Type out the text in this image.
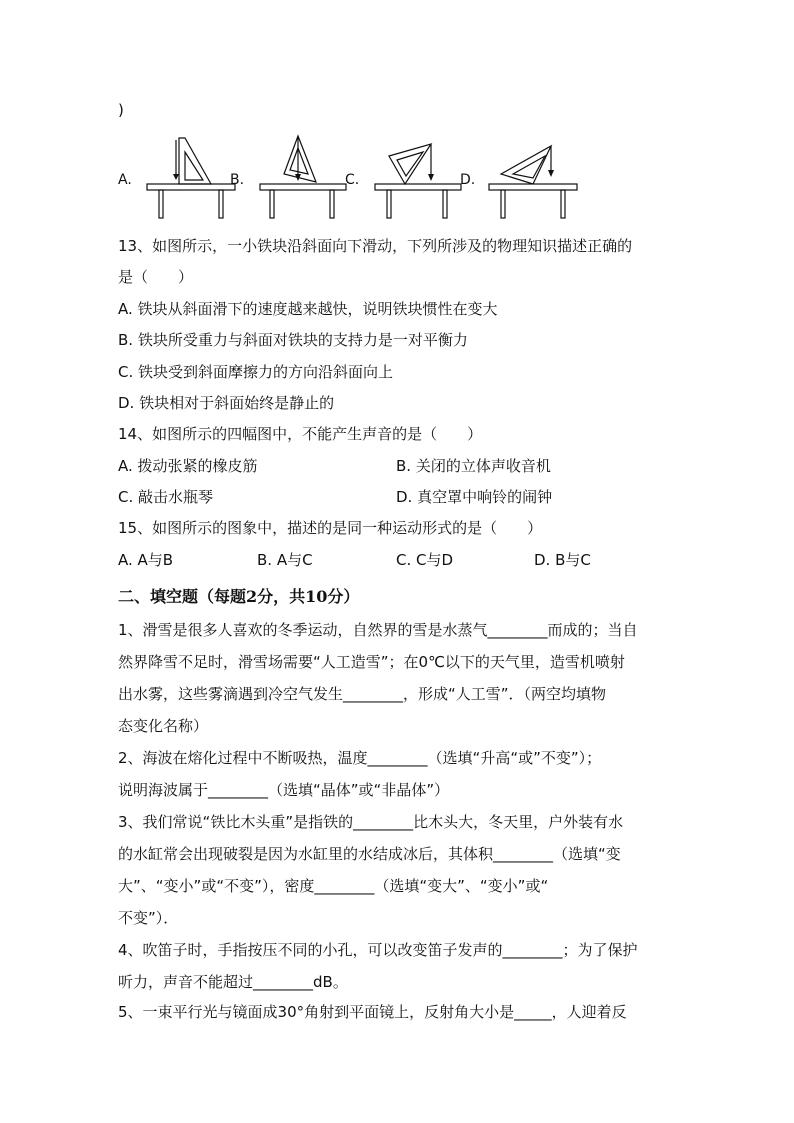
)
A.	B.	C.	D.
13、如图所示，一小铁块沿斜面向下滑动，下列所涉及的物理知识描述正确的
是（　　）
A. 铁块从斜面滑下的速度越来越快，说明铁块惯性在变大
B. 铁块所受重力与斜面对铁块的支持力是一对平衡力
C. 铁块受到斜面摩擦力的方向沿斜面向上
D. 铁块相对于斜面始终是静止的
14、如图所示的四幅图中，不能产生声音的是（　　）
A. 拨动张紧的橡皮筋	B. 关闭的立体声收音机
C. 敲击水瓶琴	D. 真空罩中响铃的闹钟
15、如图所示的图象中，描述的是同一种运动形式的是（　　）
A. A与B	B. A与C	C. C与D	D. B与C
二、填空题（每题2分，共10分）
1、滑雪是很多人喜欢的冬季运动，自然界的雪是水蒸气________而成的；当自
然界降雪不足时，滑雪场需要“人工造雪”；在0℃以下的天气里，造雪机喷射
出水雾，这些雾滴遇到冷空气发生________，形成“人工雪”．（两空均填物
态变化名称）
2、海波在熔化过程中不断吸热，温度________（选填“升高“或”不变”）；
说明海波属于________（选填“晶体”或“非晶体”）
3、我们常说“铁比木头重”是指铁的________比木头大，冬天里，户外装有水
的水缸常会出现破裂是因为水缸里的水结成冰后，其体积________（选填“变
大”、“变小”或“不变”），密度________（选填“变大”、“变小”或“
不变”）．
4、吹笛子时，手指按压不同的小孔，可以改变笛子发声的________；为了保护
听力，声音不能超过________dB。
5、一束平行光与镜面成30°角射到平面镜上，反射角大小是_____，人迎着反
